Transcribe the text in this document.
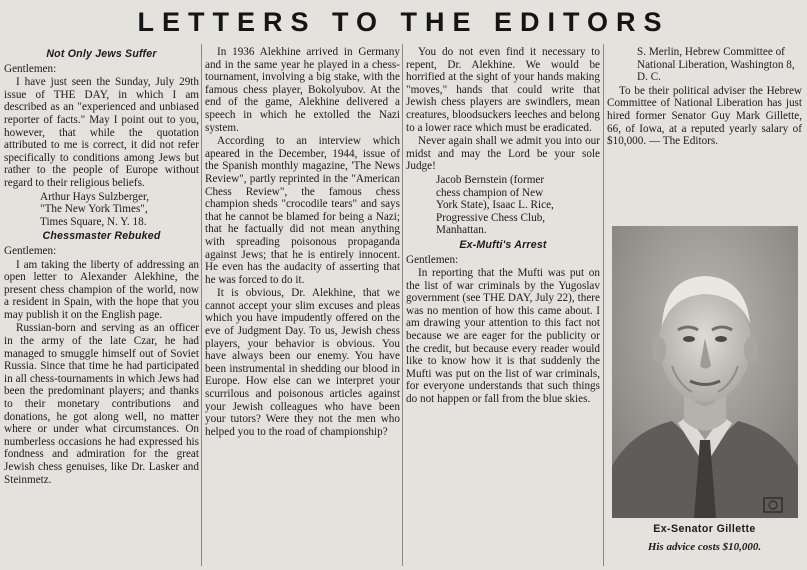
LETTERS TO THE EDITORS
Not Only Jews Suffer

Gentlemen:

I have just seen the Sunday, July 29th issue of THE DAY, in which I am described as an "experienced and unbiased reporter of facts." May I point out to you, however, that while the quotation attributed to me is correct, it did not refer specifically to conditions among Jews but rather to the people of Europe without regard to their religious beliefs.

Arthur Hays Sulzberger,
"The New York Times",
Times Square, N. Y. 18.

Chessmaster Rebuked

Gentlemen:

I am taking the liberty of addressing an open letter to Alexander Alekhine, the present chess champion of the world, now a resident in Spain, with the hope that you may publish it on the English page.

Russian-born and serving as an officer in the army of the late Czar, he had managed to smuggle himself out of Soviet Russia. Since that time he had participated in all chess-tournaments in which Jews had been the predominant players; and thanks to their monetary contributions and donations, he got along well, no matter where or under what circumstances. On numberless occasions he had expressed his fondness and admiration for the great Jewish chess genuises, like Dr. Lasker and Steinmetz.

In 1936 Alekhine arrived in Germany and in the same year he played in a chess-tournament, involving a big stake, with the famous chess player, Bokolyubov. At the end of the game, Alekhine delivered a speech in which he extolled the Nazi system.

According to an interview which apeared in the December, 1944, issue of the Spanish monthly magazine, 'The News Review", partly reprinted in the "American Chess Review", the famous chess champion sheds "crocodile tears" and says that he cannot be blamed for being a Nazi; that he factually did not mean anything with spreading poisonous propaganda against Jews; that he is entirely innocent. He even has the audacity of asserting that he was forced to do it.

It is obvious, Dr. Alekhine, that we cannot accept your slim excuses and pleas which you have impudently offered on the eve of Judgment Day. To us, Jewish chess players, your behavior is obvious. You have always been our enemy. You have been instrumental in shedding our blood in Europe. How else can we interpret your scurrilous and poisonous articles against your Jewish colleagues who have been your tutors? Were they not the men who helped you to the road of championship?

You do not even find it necessary to repent, Dr. Alekhine. We would be horrified at the sight of your hands making "moves," hands that could write that Jewish chess players are swindlers, mean creatures, bloodsuckers leeches and belong to a lower race which must be eradicated.

Never again shall we admit you into our midst and may the Lord be your sole Judge!

Jacob Bernstein (former
chess champion of New
York State), Isaac L. Rice,
Progressive Chess Club,
Manhattan.

Ex-Mufti's Arrest

Gentlemen:

In reporting that the Mufti was put on the list of war criminals by the Yugoslav government (see THE DAY, July 22), there was no mention of how this came about. I am drawing your attention to this fact not because we are eager for the publicity or the credit, but because every reader would like to know how it is that suddenly the Mufti was put on the list of war criminals, for everyone understands that such things do not happen or fall from the blue skies.

S. Merlin, Hebrew Committee of National Liberation, Washington 8, D. C.

To be their political adviser the Hebrew Committee of National Liberation has just hired former Senator Guy Mark Gillette, 66, of Iowa, at a reputed yearly salary of $10,000. — The Editors.

Ex-Senator Gillette
His advice costs $10,000.
